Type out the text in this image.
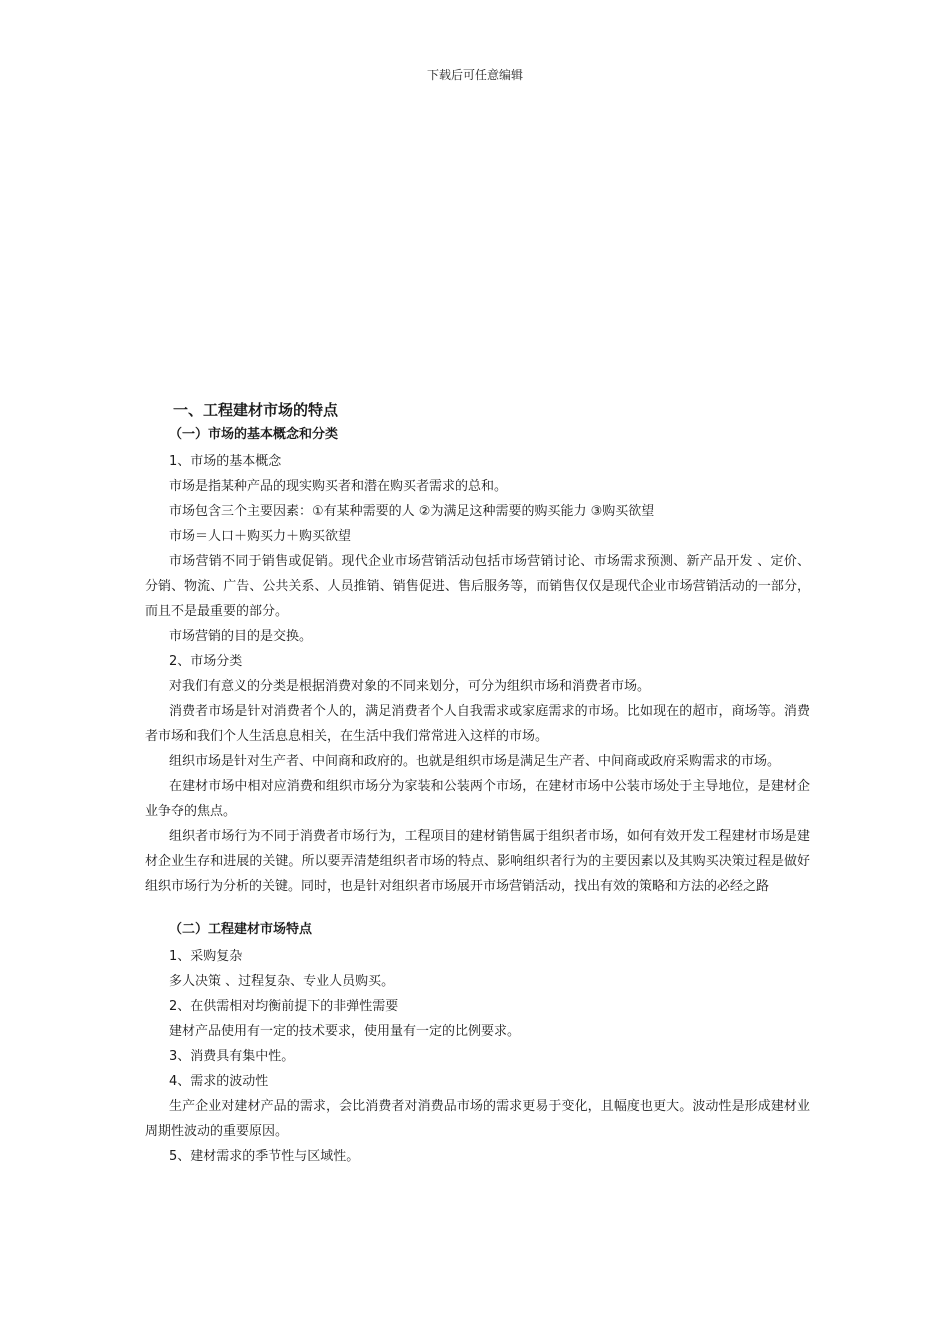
下载后可任意编辑
一、工程建材市场的特点
（一）市场的基本概念和分类
1、市场的基本概念
市场是指某种产品的现实购买者和潜在购买者需求的总和。
市场包含三个主要因素：①有某种需要的人 ②为满足这种需要的购买能力 ③购买欲望
市场＝人口＋购买力＋购买欲望
市场营销不同于销售或促销。现代企业市场营销活动包括市场营销讨论、市场需求预测、新产品开发 、定价、分销、物流、广告、公共关系、人员推销、销售促进、售后服务等，而销售仅仅是现代企业市场营销活动的一部分，而且不是最重要的部分。
市场营销的目的是交换。
2、市场分类
对我们有意义的分类是根据消费对象的不同来划分，可分为组织市场和消费者市场。
消费者市场是针对消费者个人的，满足消费者个人自我需求或家庭需求的市场。比如现在的超市，商场等。消费者市场和我们个人生活息息相关，在生活中我们常常进入这样的市场。
组织市场是针对生产者、中间商和政府的。也就是组织市场是满足生产者、中间商或政府采购需求的市场。
在建材市场中相对应消费和组织市场分为家装和公装两个市场，在建材市场中公装市场处于主导地位，是建材企业争夺的焦点。
组织者市场行为不同于消费者市场行为，工程项目的建材销售属于组织者市场，如何有效开发工程建材市场是建材企业生存和进展的关键。所以要弄清楚组织者市场的特点、影响组织者行为的主要因素以及其购买决策过程是做好组织市场行为分析的关键。同时，也是针对组织者市场展开市场营销活动，找出有效的策略和方法的必经之路
（二）工程建材市场特点
1、采购复杂
多人决策 、过程复杂、专业人员购买。
2、在供需相对均衡前提下的非弹性需要
建材产品使用有一定的技术要求，使用量有一定的比例要求。
3、消费具有集中性。
4、需求的波动性
生产企业对建材产品的需求，会比消费者对消费品市场的需求更易于变化，且幅度也更大。波动性是形成建材业周期性波动的重要原因。
5、建材需求的季节性与区域性。
